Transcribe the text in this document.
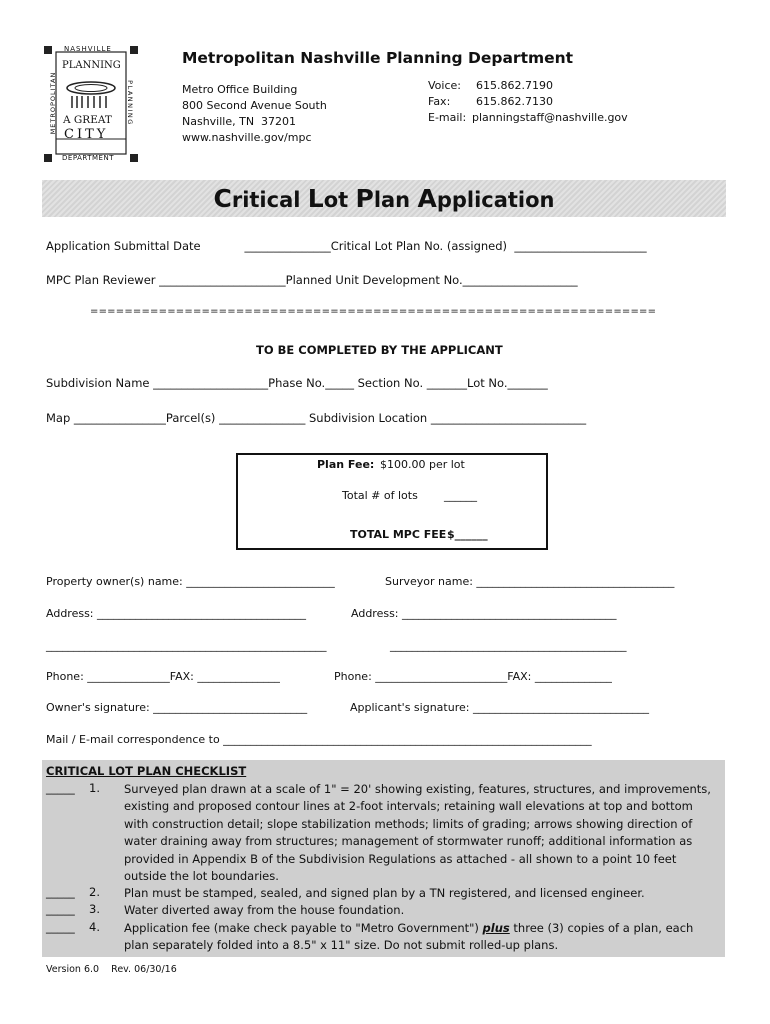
NASHVILLE
PLANNING
A GREAT
CITY
DEPARTMENT
METROPOLITAN	PLANNING
Metropolitan Nashville Planning Department
Metro Office Building
800 Second Avenue South
Nashville, TN  37201
www.nashville.gov/mpc
Voice: 615.862.7190
Fax: 615.862.7130
E-mail: planningstaff@nashville.gov
Critical Lot Plan Application
Application Submittal Date            _______________Critical Lot Plan No. (assigned)  _______________________
MPC Plan Reviewer ______________________Planned Unit Development No.____________________
==================================================================
TO BE COMPLETED BY THE APPLICANT
Subdivision Name ____________________Phase No._____ Section No. _______Lot No._______
Map ________________Parcel(s) _______________ Subdivision Location ___________________________
Plan Fee: $100.00 per lot
Total # of lots ______
TOTAL MPC FEE $______
Property owner(s) name: ___________________________	Surveyor name: ____________________________________
Address: ______________________________________	Address: _______________________________________
___________________________________________________	___________________________________________
Phone: _______________FAX: _______________	Phone: ________________________FAX: ______________
Owner's signature: ____________________________	Applicant's signature: ________________________________
Mail / E-mail correspondence to ___________________________________________________________________
CRITICAL LOT PLAN CHECKLIST
_____ 1. Surveyed plan drawn at a scale of 1" = 20' showing existing, features, structures, and improvements, existing and proposed contour lines at 2-foot intervals; retaining wall elevations at top and bottom with construction detail; slope stabilization methods; limits of grading; arrows showing direction of water draining away from structures; management of stormwater runoff; additional information as provided in Appendix B of the Subdivision Regulations as attached - all shown to a point 10 feet outside the lot boundaries.
_____ 2. Plan must be stamped, sealed, and signed plan by a TN registered, and licensed engineer.
_____ 3. Water diverted away from the house foundation.
_____ 4. Application fee (make check payable to "Metro Government") plus three (3) copies of a plan, each plan separately folded into a 8.5" x 11" size. Do not submit rolled-up plans.
Version 6.0 Rev. 06/30/16
